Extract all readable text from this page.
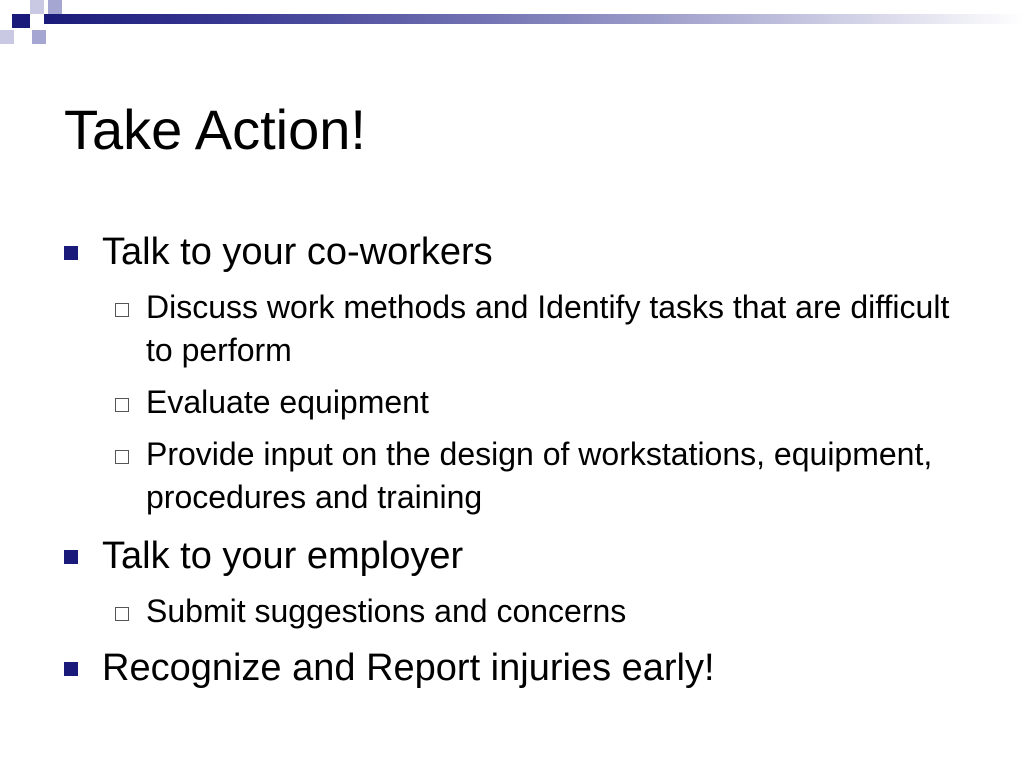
Take Action!
Talk to your co-workers
Discuss work methods and Identify tasks that are difficult to perform
Evaluate equipment
Provide input on the design of workstations, equipment, procedures and training
Talk to your employer
Submit suggestions and concerns
Recognize and Report injuries early!
